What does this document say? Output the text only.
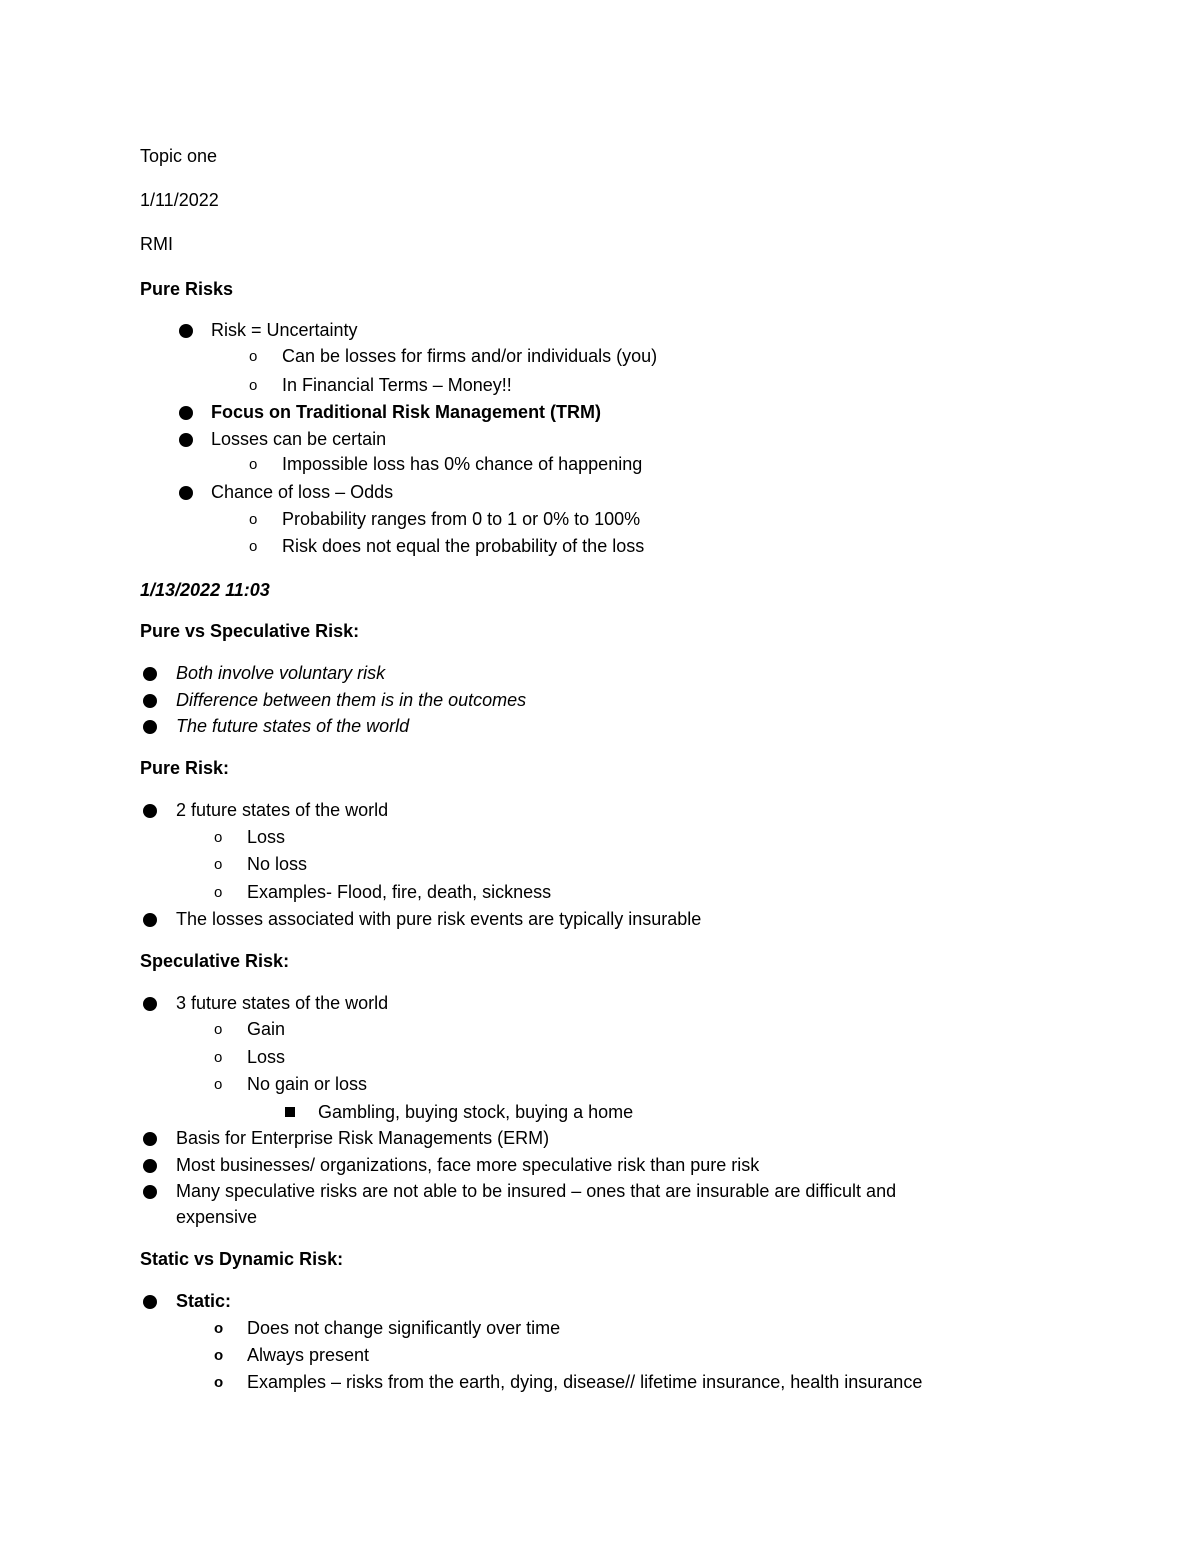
Topic one

1/11/2022

RMI

Pure Risks

Risk = Uncertainty

o Can be losses for firms and/or individuals (you)

o In Financial Terms – Money!!

Focus on Traditional Risk Management (TRM)

Losses can be certain

o Impossible loss has 0% chance of happening

Chance of loss – Odds

o Probability ranges from 0 to 1 or 0% to 100%

o Risk does not equal the probability of the loss

1/13/2022 11:03

Pure vs Speculative Risk:

Both involve voluntary risk

Difference between them is in the outcomes

The future states of the world

Pure Risk:

2 future states of the world

o Loss

o No loss

o Examples- Flood, fire, death, sickness

The losses associated with pure risk events are typically insurable

Speculative Risk:

3 future states of the world

o Gain

o Loss

o No gain or loss

Gambling, buying stock, buying a home

Basis for Enterprise Risk Managements (ERM)

Most businesses/ organizations, face more speculative risk than pure risk

Many speculative risks are not able to be insured – ones that are insurable are difficult and

expensive

Static vs Dynamic Risk:

Static:

o Does not change significantly over time

o Always present

o Examples – risks from the earth, dying, disease// lifetime insurance, health insurance
